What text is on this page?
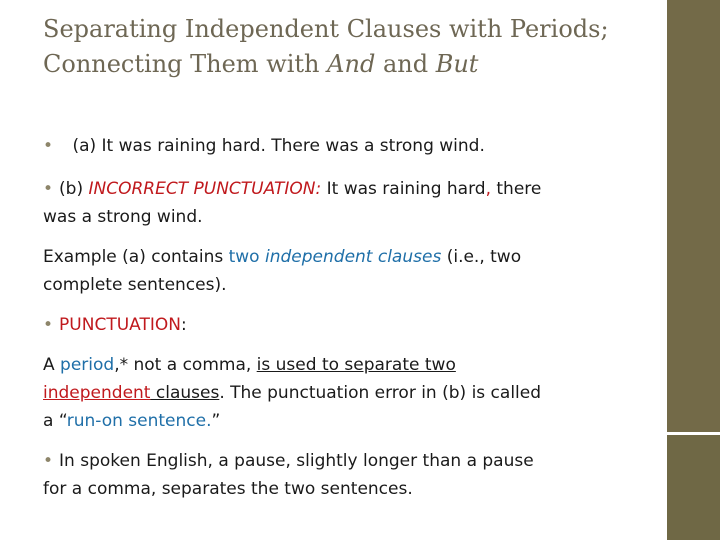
Separating Independent Clauses with Periods;
Connecting Them with And and But

• (a) It was raining hard. There was a strong wind.

• (b) INCORRECT PUNCTUATION: It was raining hard, there

was a strong wind.

Example (a) contains two independent clauses (i.e., two

complete sentences).

• PUNCTUATION:

A period,* not a comma, is used to separate two

independent clauses. The punctuation error in (b) is called

a “run-on sentence.”

• In spoken English, a pause, slightly longer than a pause

for a comma, separates the two sentences.
